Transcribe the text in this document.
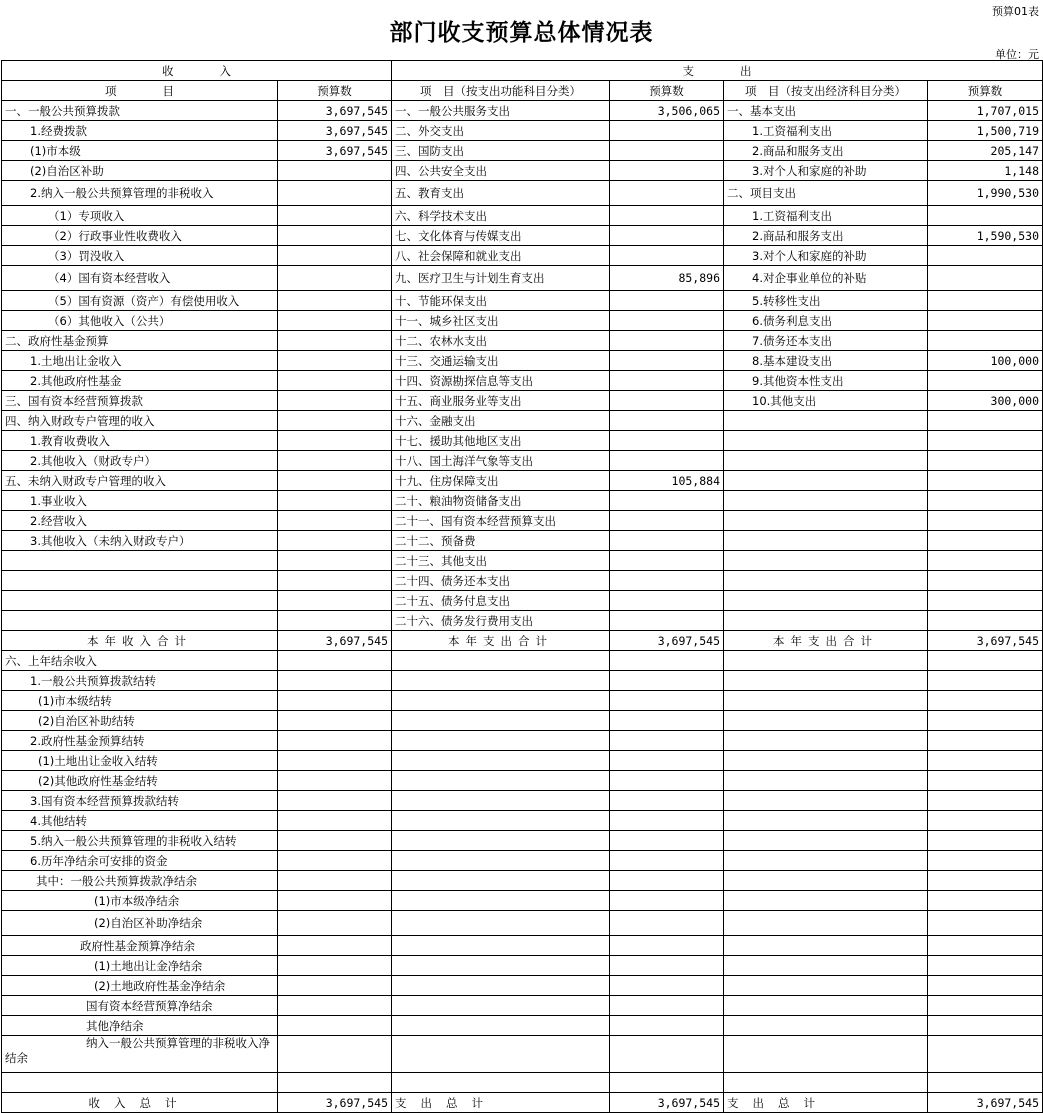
预算01表
部门收支预算总体情况表
单位：元
收　　　　入		支　　　　出			
项　　　　目	预算数	项　目（按支出功能科目分类）	预算数	项　目（按支出经济科目分类）	预算数
一、一般公共预算拨款	3,697,545	一、一般公共服务支出	3,506,065	一、基本支出	1,707,015
1.经费拨款	3,697,545	二、外交支出		1.工资福利支出	1,500,719
(1)市本级	3,697,545	三、国防支出		2.商品和服务支出	205,147
(2)自治区补助		四、公共安全支出		3.对个人和家庭的补助	1,148
2.纳入一般公共预算管理的非税收入		五、教育支出		二、项目支出	1,990,530
（1）专项收入		六、科学技术支出		1.工资福利支出	
（2）行政事业性收费收入		七、文化体育与传媒支出		2.商品和服务支出	1,590,530
（3）罚没收入		八、社会保障和就业支出		3.对个人和家庭的补助	
（4）国有资本经营收入		九、医疗卫生与计划生育支出	85,896	4.对企事业单位的补贴	
（5）国有资源（资产）有偿使用收入		十、节能环保支出		5.转移性支出	
（6）其他收入（公共）		十一、城乡社区支出		6.债务利息支出	
二、政府性基金预算		十二、农林水支出		7.债务还本支出	
1.土地出让金收入		十三、交通运输支出		8.基本建设支出	100,000
2.其他政府性基金		十四、资源勘探信息等支出		9.其他资本性支出	
三、国有资本经营预算拨款		十五、商业服务业等支出		10.其他支出	300,000
四、纳入财政专户管理的收入		十六、金融支出			
1.教育收费收入		十七、援助其他地区支出			
2.其他收入（财政专户）		十八、国土海洋气象等支出			
五、未纳入财政专户管理的收入		十九、住房保障支出	105,884		
1.事业收入		二十、粮油物资储备支出			
2.经营收入		二十一、国有资本经营预算支出			
3.其他收入（未纳入财政专户）		二十二、预备费			
		二十三、其他支出			
		二十四、债务还本支出			
		二十五、债务付息支出			
		二十六、债务发行费用支出			
本年收入合计	3,697,545	本年支出合计	3,697,545	本年支出合计	3,697,545
六、上年结余收入					
1.一般公共预算拨款结转					
(1)市本级结转					
(2)自治区补助结转					
2.政府性基金预算结转					
(1)土地出让金收入结转					
(2)其他政府性基金结转					
3.国有资本经营预算拨款结转					
4.其他结转					
5.纳入一般公共预算管理的非税收入结转					
6.历年净结余可安排的资金					
其中：一般公共预算拨款净结余					
(1)市本级净结余					
(2)自治区补助净结余					
政府性基金预算净结余					
(1)土地出让金净结余					
(2)土地政府性基金净结余					
国有资本经营预算净结余					
其他净结余					
纳入一般公共预算管理的非税收入净结余					

收入总计	3,697,545	支出总计	3,697,545	支出总计	3,697,545
